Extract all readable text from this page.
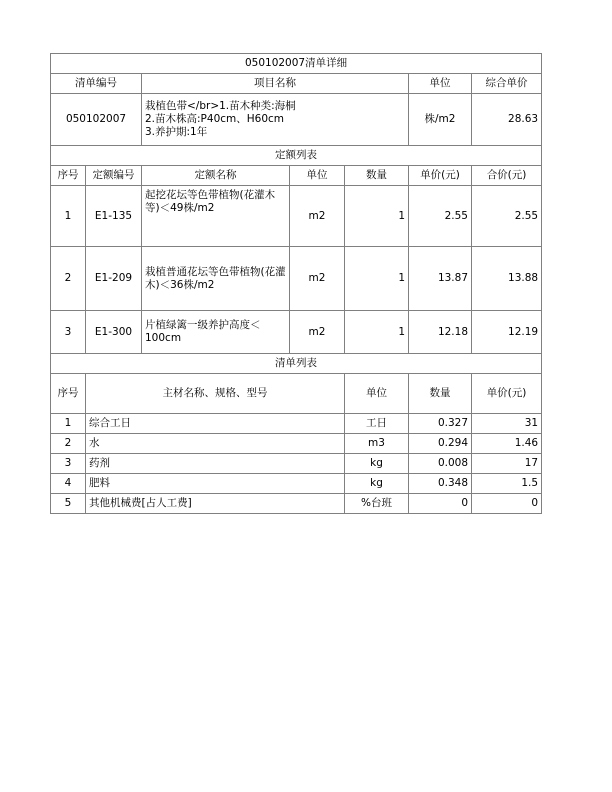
050102007清单详细							
清单编号		项目名称			单位	综合单价	
050102007		栽植色带</br>1.苗木种类:海桐
2.苗木株高:P40cm、H60cm
3.养护期:1年			株/m2	28.63	
定额列表							
序号	定额编号	定额名称	单位	数量	单价(元)	合价(元)	
1	E1-135	起挖花坛等色带植物(花灌木等)＜49株/m2	m2	1	2.55	2.55	
2	E1-209	栽植普通花坛等色带植物(花灌木)＜36株/m2	m2	1	13.87	13.88	
3	E1-300	片植绿篱一级养护高度＜100cm	m2	1	12.18	12.19	
清单列表							
序号	主材名称、规格、型号			单位	数量	单价(元)	
1	综合工日			工日	0.327	31	
2	水			m3	0.294	1.46	
3	药剂			kg	0.008	17	
4	肥料			kg	0.348	1.5	
5	其他机械费[占人工费]			%台班	0	0	
